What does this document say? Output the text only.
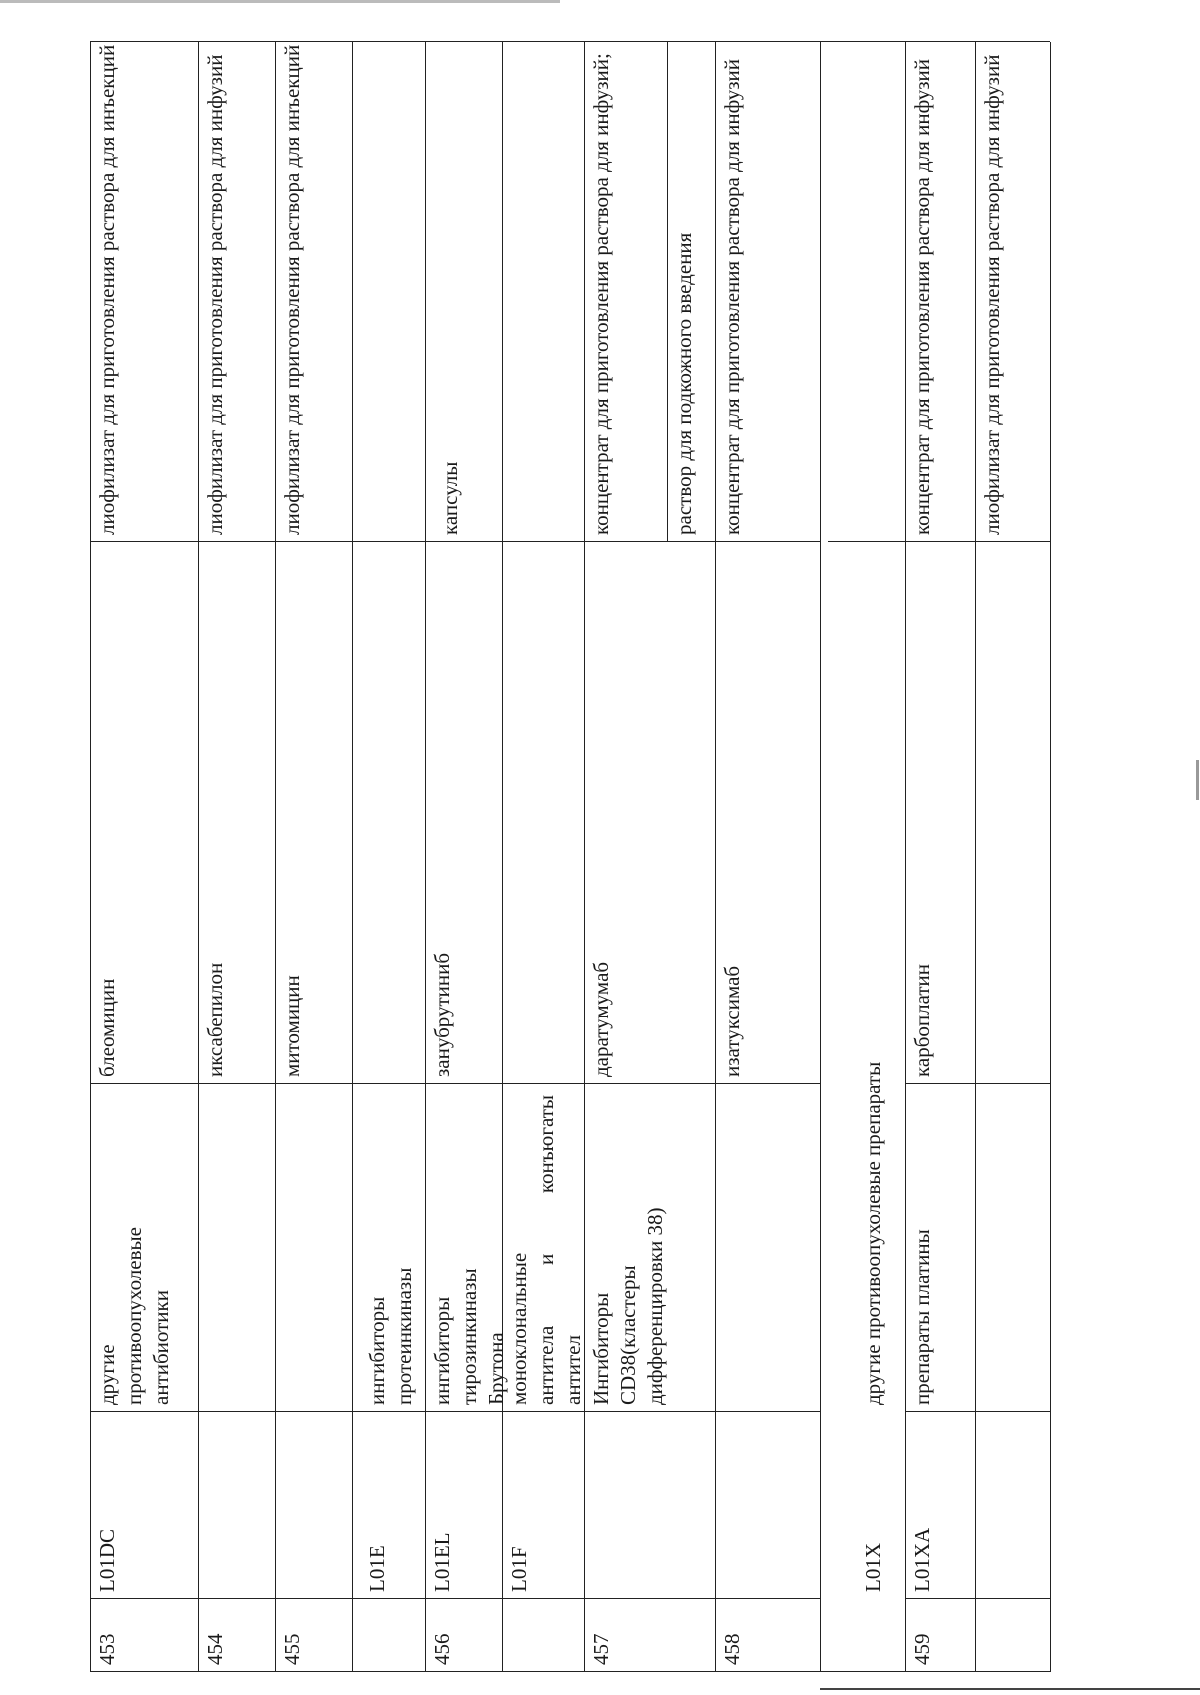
453
L01DC
другие противоопухолевые антибиотики
блеомицин
лиофилизат для приготовления раствора для инъекций
454
иксабепилон
лиофилизат для приготовления раствора для инфузий
455
митомицин
лиофилизат для приготовления раствора для инъекций
L01E
ингибиторы протеинкиназы
456
L01EL
ингибиторы тирозинкиназы Брутона
занубрутиниб
капсулы
L01F
моноклональные антитела и конъюгаты
антител
457
Ингибиторы CD38(кластеры дифференцировки 38)
даратумумаб
концентрат для приготовления раствора для инфузий;	раствор для подкожного введения
458
изатуксимаб
концентрат для приготовления раствора для инфузий
L01X
другие противоопухолевые препараты
459
L01XA
препараты платины
карбоплатин
концентрат для приготовления раствора для инфузий лиофилизат для приготовления раствора для инфузий
